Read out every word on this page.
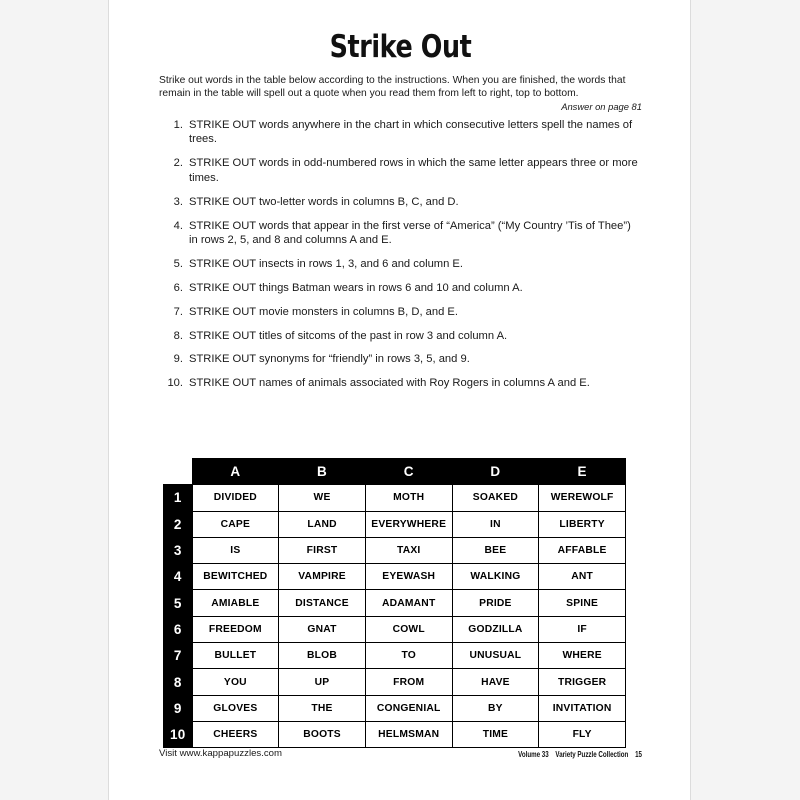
Strike Out
Strike out words in the table below according to the instructions. When you are finished, the words that remain in the table will spell out a quote when you read them from left to right, top to bottom.
Answer on page 81
1. STRIKE OUT words anywhere in the chart in which consecutive letters spell the names of trees.
2. STRIKE OUT words in odd-numbered rows in which the same letter appears three or more times.
3. STRIKE OUT two-letter words in columns B, C, and D.
4. STRIKE OUT words that appear in the first verse of “America” (“My Country ’Tis of Thee”) in rows 2, 5, and 8 and columns A and E.
5. STRIKE OUT insects in rows 1, 3, and 6 and column E.
6. STRIKE OUT things Batman wears in rows 6 and 10 and column A.
7. STRIKE OUT movie monsters in columns B, D, and E.
8. STRIKE OUT titles of sitcoms of the past in row 3 and column A.
9. STRIKE OUT synonyms for “friendly” in rows 3, 5, and 9.
10. STRIKE OUT names of animals associated with Roy Rogers in columns A and E.
	A	B	C	D	E
1	DIVIDED	WE	MOTH	SOAKED	WEREWOLF
2	CAPE	LAND	EVERYWHERE	IN	LIBERTY
3	IS	FIRST	TAXI	BEE	AFFABLE
4	BEWITCHED	VAMPIRE	EYEWASH	WALKING	ANT
5	AMIABLE	DISTANCE	ADAMANT	PRIDE	SPINE
6	FREEDOM	GNAT	COWL	GODZILLA	IF
7	BULLET	BLOB	TO	UNUSUAL	WHERE
8	YOU	UP	FROM	HAVE	TRIGGER
9	GLOVES	THE	CONGENIAL	BY	INVITATION
10	CHEERS	BOOTS	HELMSMAN	TIME	FLY
Visit www.kappapuzzles.com	Volume 33 Variety Puzzle Collection 15
